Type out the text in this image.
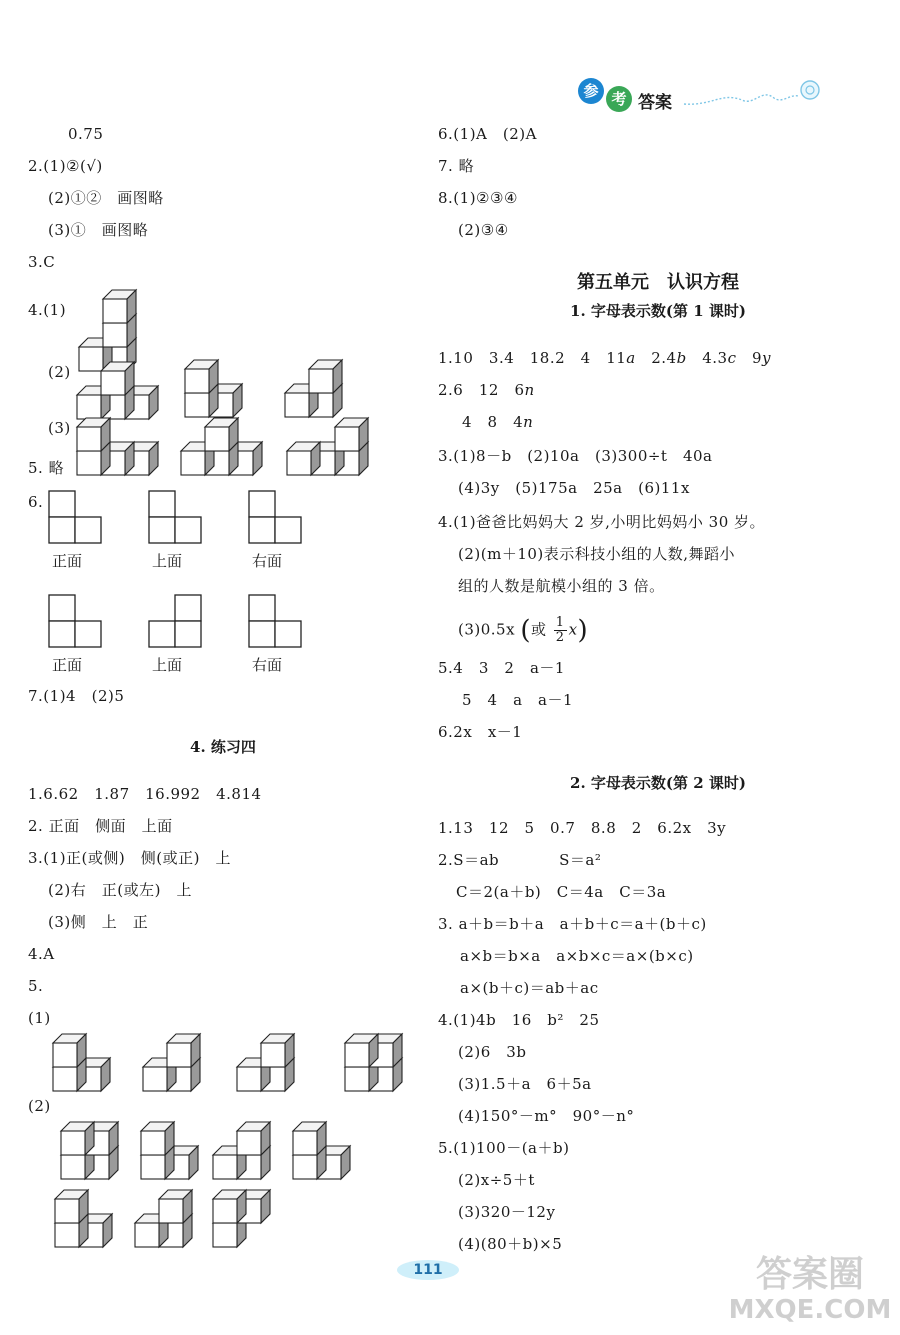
参 考 答案
0.75
2.(1)②(√)
(2)①②　画图略
(3)①　画图略
3.C
4.(1)
(2)
(3)
5. 略
6.
正面	上面	右面
正面	上面	右面
7.(1)4　(2)5
4. 练习四
1.6.62　1.87　16.992　4.814
2. 正面　侧面　上面
3.(1)正(或侧)　侧(或正)　上
(2)右　正(或左)　上
(3)侧　上　正
4.A
5.
(1)
(2)
6.(1)A　(2)A
7. 略
8.(1)②③④
(2)③④
第五单元　认识方程
1. 字母表示数(第 1 课时)
1.10　3.4　18.2　4　11a　2.4b　4.3c　9y
2.6　12　6n
4　8　4n
3.(1)8－b　(2)10a　(3)300÷t　40a
(4)3y　(5)175a　25a　(6)11x
4.(1)爸爸比妈妈大 2 岁,小明比妈妈小 30 岁。
(2)(m＋10)表示科技小组的人数,舞蹈小
组的人数是航模小组的 3 倍。
(3)0.5x (或 $\frac{1}{2} x$)
5.4　3　2　a－1
5　4　a　a－1
6.2x　x－1
2. 字母表示数(第 2 课时)
1.13　12　5　0.7　8.8　2　6.2x　3y
2.S＝ab	S＝a²
C＝2(a＋b)　C＝4a　C＝3a
3. a＋b＝b＋a　a＋b＋c＝a＋(b＋c)
a×b＝b×a　a×b×c＝a×(b×c)
a×(b＋c)＝ab＋ac
4.(1)4b　16　b²　25
(2)6　3b
(3)1.5＋a　6＋5a
(4)150°－m°　90°－n°
5.(1)100－(a＋b)
(2)x÷5＋t
(3)320－12y
(4)(80＋b)×5
111	答案圈
MXQE.COM
